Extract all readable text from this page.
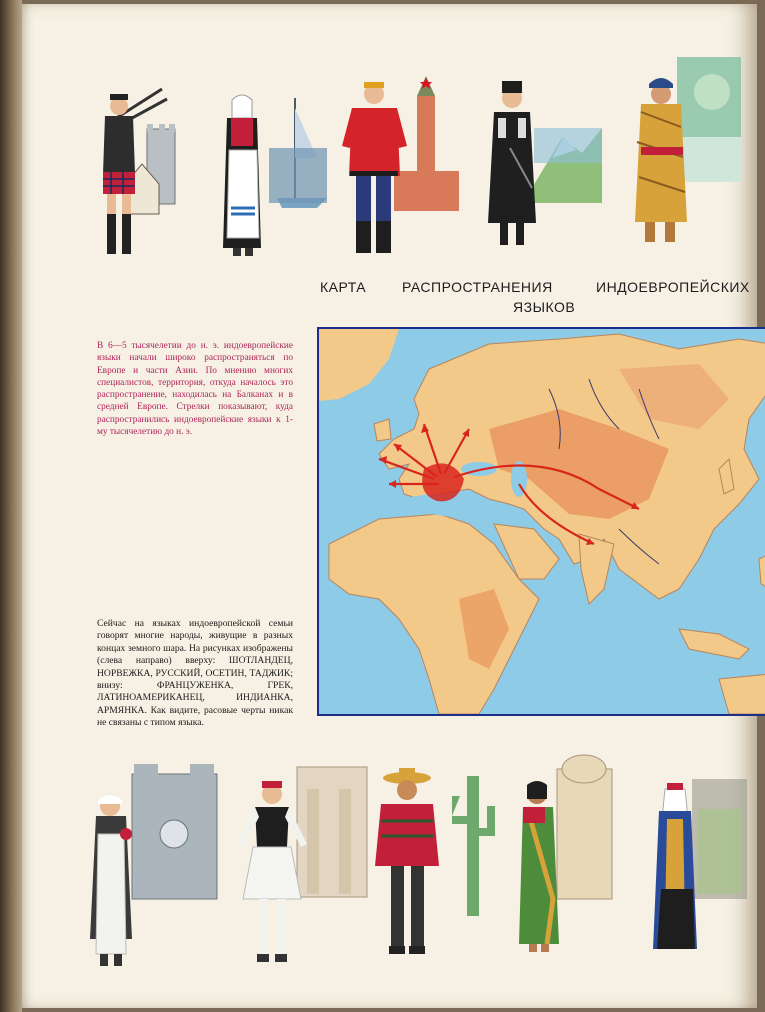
КАРТА	РАСПРОСТРАНЕНИЯ	ИНДОЕВРОПЕЙСКИХ
ЯЗЫКОВ
В 6—5 тысячелетии до н. э. индоевропейские языки начали широко распространяться по Европе и части Азии. По мнению многих специалистов, территория, откуда началось это распространение, находилась на Балканах и в средней Европе. Стрелки показывают, куда распространились индоевропейские языки к 1-му тысячелетию до н. э.
Сейчас на языках индоевропейской семьи говорят многие народы, живущие в разных концах земного шара. На рисунках изображены (слева направо) вверху: ШОТЛАНДЕЦ, НОРВЕЖКА, РУССКИЙ, ОСЕТИН, ТАДЖИК; внизу: ФРАНЦУЖЕНКА, ГРЕК, ЛАТИНОАМЕРИКАНЕЦ, ИНДИАНКА, АРМЯНКА. Как видите, расовые черты никак не связаны с типом языка.
